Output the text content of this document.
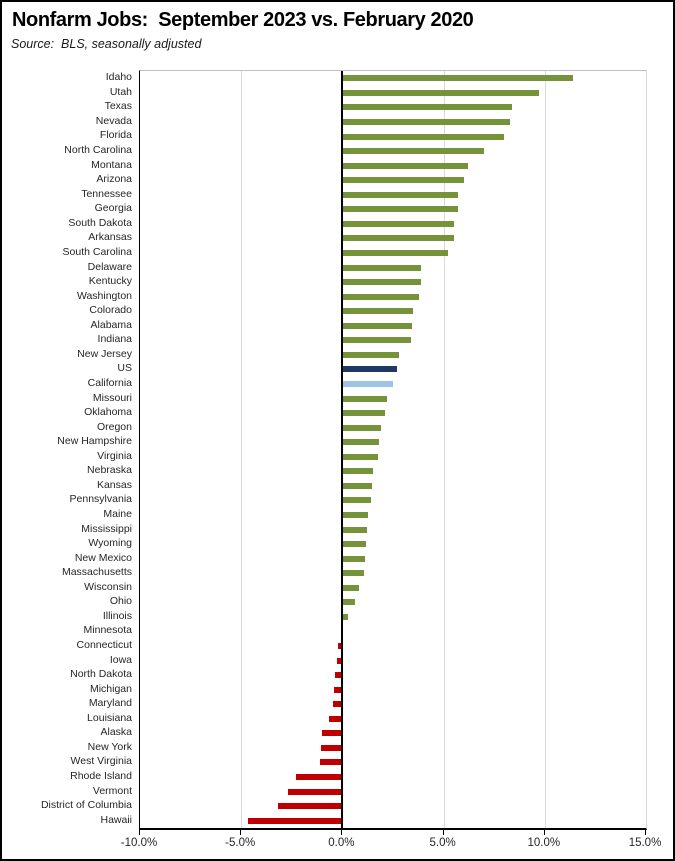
Nonfarm Jobs:  September 2023 vs. February 2020
Source:  BLS, seasonally adjusted
Idaho
Utah
Texas
Nevada
Florida
North Carolina
Montana
Arizona
Tennessee
Georgia
South Dakota
Arkansas
South Carolina
Delaware
Kentucky
Washington
Colorado
Alabama
Indiana
New Jersey
US
California
Missouri
Oklahoma
Oregon
New Hampshire
Virginia
Nebraska
Kansas
Pennsylvania
Maine
Mississippi
Wyoming
New Mexico
Massachusetts
Wisconsin
Ohio
Illinois
Minnesota
Connecticut
Iowa
North Dakota
Michigan
Maryland
Louisiana
Alaska
New York
West Virginia
Rhode Island
Vermont
District of Columbia
Hawaii
-10.0%	-5.0%	0.0%	5.0%	10.0%	15.0%
